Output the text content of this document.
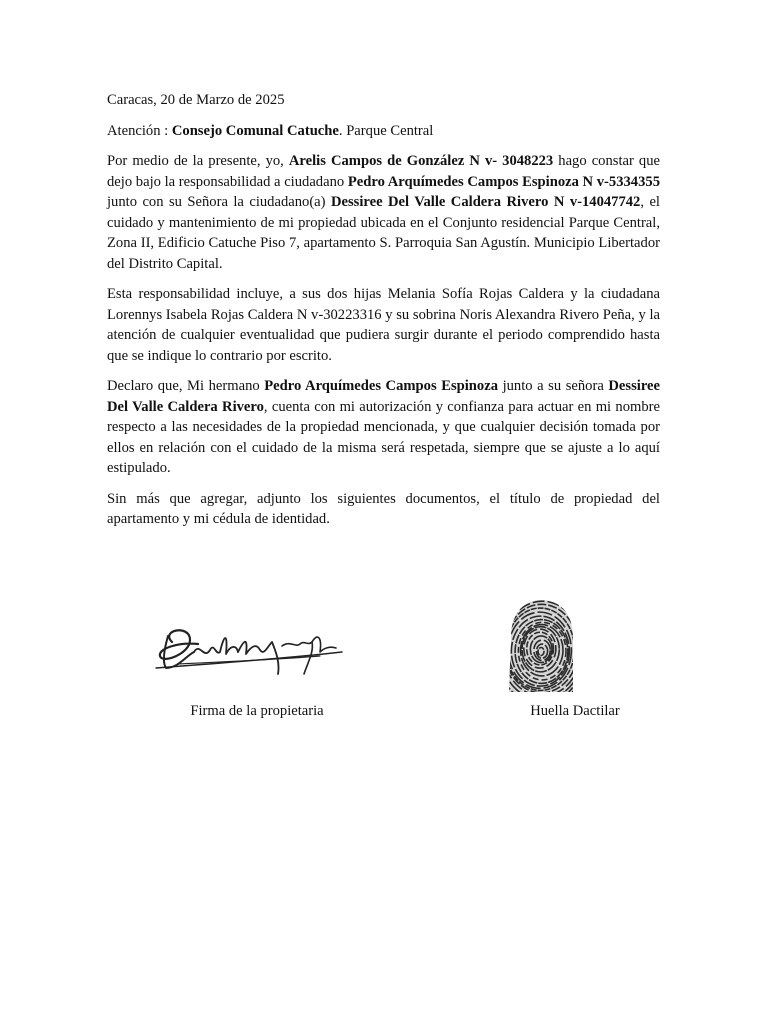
Caracas, 20 de Marzo de 2025

Atención : Consejo Comunal Catuche. Parque Central

Por medio de la presente, yo, Arelis Campos de González N v- 3048223 hago constar que dejo bajo la responsabilidad a ciudadano Pedro Arquímedes Campos Espinoza N v-5334355 junto con su Señora la ciudadano(a) Dessiree Del Valle Caldera Rivero N v-14047742, el cuidado y mantenimiento de mi propiedad ubicada en el Conjunto residencial Parque Central, Zona II, Edificio Catuche Piso 7, apartamento S. Parroquia San Agustín. Municipio Libertador del Distrito Capital.

Esta responsabilidad incluye, a sus dos hijas Melania Sofía Rojas Caldera y la ciudadana Lorennys Isabela Rojas Caldera N v-30223316 y su sobrina Noris Alexandra Rivero Peña, y la atención de cualquier eventualidad que pudiera surgir durante el periodo comprendido hasta que se indique lo contrario por escrito.

Declaro que, Mi hermano Pedro Arquímedes Campos Espinoza junto a su señora Dessiree Del Valle Caldera Rivero, cuenta con mi autorización y confianza para actuar en mi nombre respecto a las necesidades de la propiedad mencionada, y que cualquier decisión tomada por ellos en relación con el cuidado de la misma será respetada, siempre que se ajuste a lo aquí estipulado.

Sin más que agregar, adjunto los siguientes documentos, el título de propiedad del apartamento y mi cédula de identidad.

Firma de la propietaria	Huella Dactilar
